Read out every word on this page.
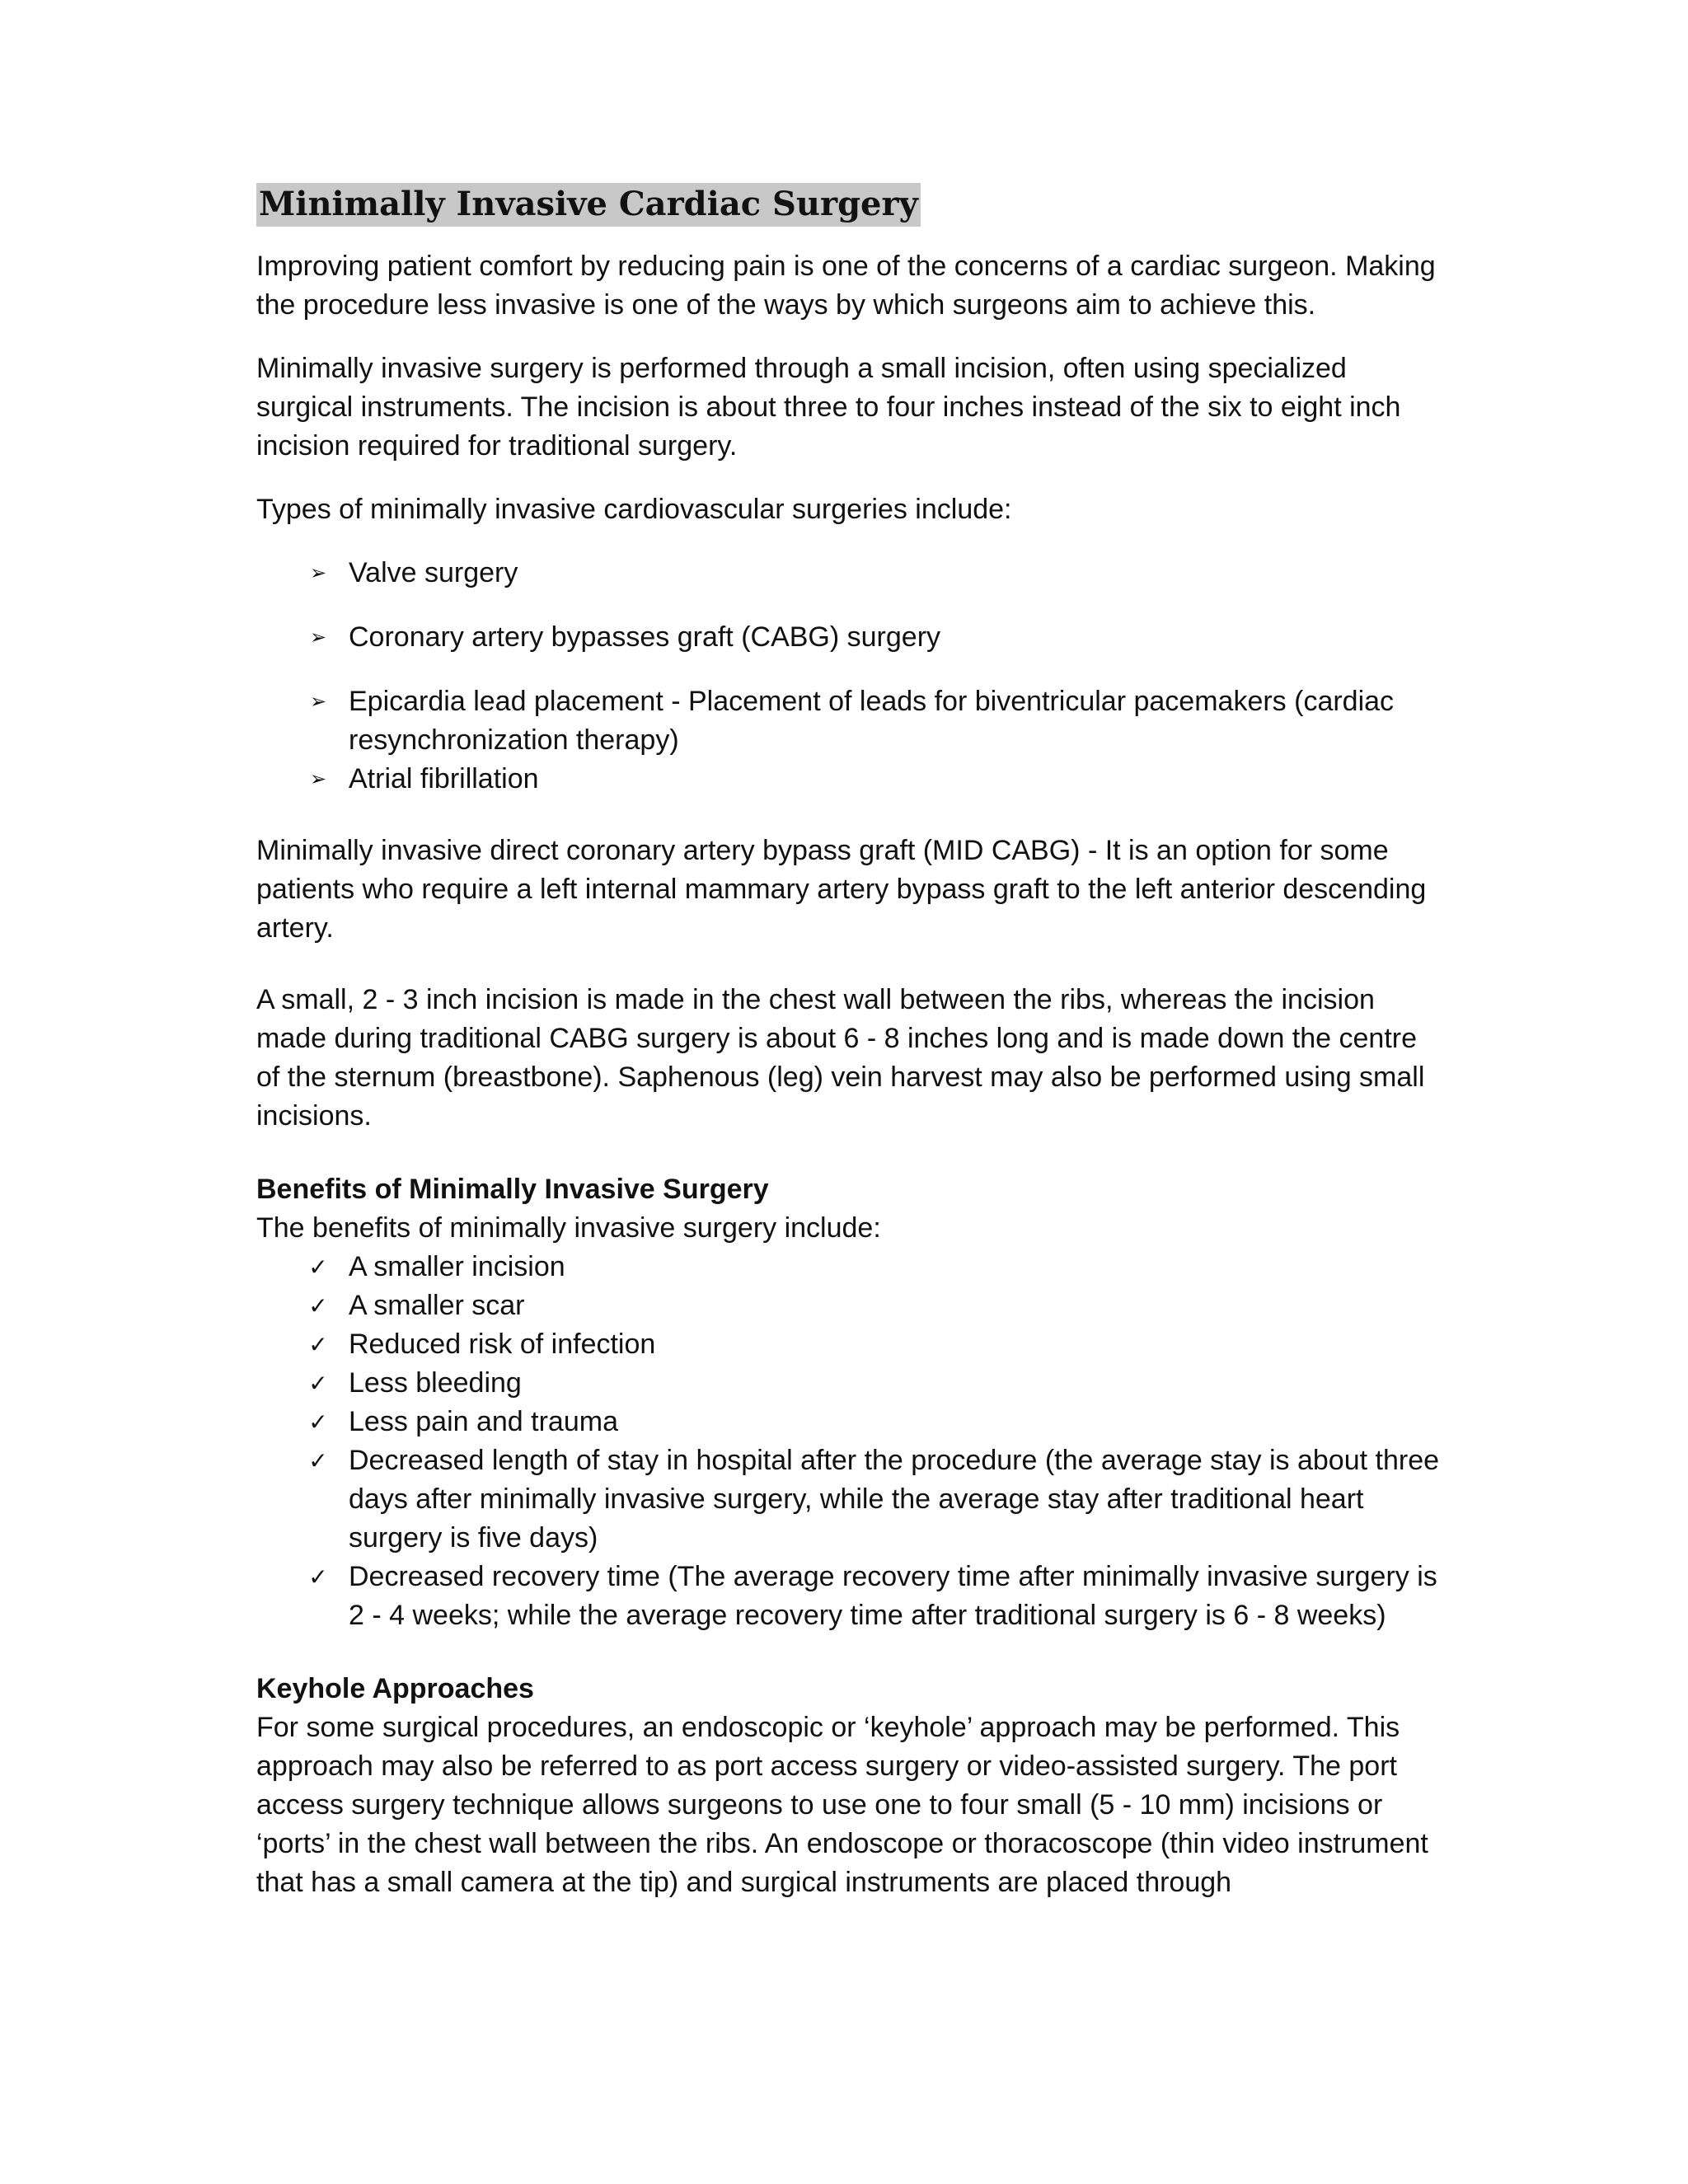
Minimally Invasive Cardiac Surgery

Improving patient comfort by reducing pain is one of the concerns of a cardiac surgeon. Making the procedure less invasive is one of the ways by which surgeons aim to achieve this.

Minimally invasive surgery is performed through a small incision, often using specialized surgical instruments. The incision is about three to four inches instead of the six to eight inch incision required for traditional surgery.

Types of minimally invasive cardiovascular surgeries include:

➢ Valve surgery
➢ Coronary artery bypasses graft (CABG) surgery
➢ Epicardia lead placement - Placement of leads for biventricular pacemakers (cardiac resynchronization therapy)
➢ Atrial fibrillation

Minimally invasive direct coronary artery bypass graft (MID CABG) - It is an option for some patients who require a left internal mammary artery bypass graft to the left anterior descending artery.

A small, 2 - 3 inch incision is made in the chest wall between the ribs, whereas the incision made during traditional CABG surgery is about 6 - 8 inches long and is made down the centre of the sternum (breastbone). Saphenous (leg) vein harvest may also be performed using small incisions.

Benefits of Minimally Invasive Surgery

The benefits of minimally invasive surgery include:

✓ A smaller incision
✓ A smaller scar
✓ Reduced risk of infection
✓ Less bleeding
✓ Less pain and trauma
✓ Decreased length of stay in hospital after the procedure (the average stay is about three days after minimally invasive surgery, while the average stay after traditional heart surgery is five days)
✓ Decreased recovery time (The average recovery time after minimally invasive surgery is 2 - 4 weeks; while the average recovery time after traditional surgery is 6 - 8 weeks)

Keyhole Approaches

For some surgical procedures, an endoscopic or ‘keyhole’ approach may be performed. This approach may also be referred to as port access surgery or video-assisted surgery. The port access surgery technique allows surgeons to use one to four small (5 - 10 mm) incisions or ‘ports’ in the chest wall between the ribs. An endoscope or thoracoscope (thin video instrument that has a small camera at the tip) and surgical instruments are placed through
